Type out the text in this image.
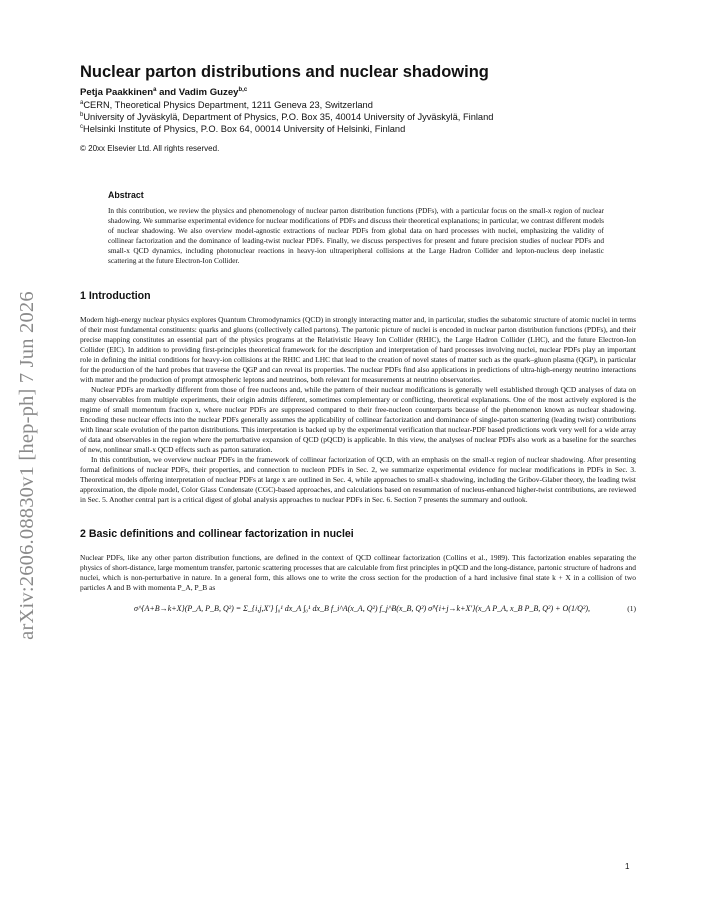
arXiv:2606.08830v1 [hep-ph] 7 Jun 2026
Nuclear parton distributions and nuclear shadowing
Petja Paakkinen$^a$ and Vadim Guzey$^{b,c}$
$^a$CERN, Theoretical Physics Department, 1211 Geneva 23, Switzerland
$^b$University of Jyväskylä, Department of Physics, P.O. Box 35, 40014 University of Jyväskylä, Finland
$^c$Helsinki Institute of Physics, P.O. Box 64, 00014 University of Helsinki, Finland
© 20xx Elsevier Ltd. All rights reserved.
Abstract

In this contribution, we review the physics and phenomenology of nuclear parton distribution functions (PDFs), with a particular focus on the small-x region of nuclear shadowing. We summarise experimental evidence for nuclear modifications of PDFs and discuss their theoretical explanations; in particular, we contrast different models of nuclear shadowing. We also overview model-agnostic extractions of nuclear PDFs from global data on hard processes with nuclei, emphasizing the validity of collinear factorization and the dominance of leading-twist nuclear PDFs. Finally, we discuss perspectives for present and future precision studies of nuclear PDFs and small-x QCD dynamics, including photonuclear reactions in heavy-ion ultraperipheral collisions at the Large Hadron Collider and lepton-nucleus deep inelastic scattering at the future Electron-Ion Collider.

1 Introduction

Modern high-energy nuclear physics explores Quantum Chromodynamics (QCD) in strongly interacting matter and, in particular, studies the subatomic structure of atomic nuclei in terms of their most fundamental constituents: quarks and gluons (collectively called partons). The partonic picture of nuclei is encoded in nuclear parton distribution functions (PDFs), and their precise mapping constitutes an essential part of the physics programs at the Relativistic Heavy Ion Collider (RHIC), the Large Hadron Collider (LHC), and the future Electron-Ion Collider (EIC). In addition to providing first-principles theoretical framework for the description and interpretation of hard processes involving nuclei, nuclear PDFs play an important role in defining the initial conditions for heavy-ion collisions at the RHIC and LHC that lead to the creation of novel states of matter such as the quark–gluon plasma (QGP), in particular for the production of the hard probes that traverse the QGP and can reveal its properties. The nuclear PDFs find also applications in predictions of ultra-high-energy neutrino interactions with matter and the production of prompt atmospheric leptons and neutrinos, both relevant for measurements at neutrino observatories.

Nuclear PDFs are markedly different from those of free nucleons and, while the pattern of their nuclear modifications is generally well established through QCD analyses of data on many observables from multiple experiments, their origin admits different, sometimes complementary or conflicting, theoretical explanations. One of the most actively explored is the regime of small momentum fraction x, where nuclear PDFs are suppressed compared to their free-nucleon counterparts because of the phenomenon known as nuclear shadowing. Encoding these nuclear effects into the nuclear PDFs generally assumes the applicability of collinear factorization and dominance of single-parton scattering (leading twist) contributions with linear scale evolution of the parton distributions. This interpretation is backed up by the experimental verification that nuclear-PDF based predictions work very well for a wide array of data and observables in the region where the perturbative expansion of QCD (pQCD) is applicable. In this view, the analyses of nuclear PDFs also work as a baseline for the searches of new, nonlinear small-x QCD effects such as parton saturation.

In this contribution, we overview nuclear PDFs in the framework of collinear factorization of QCD, with an emphasis on the small-x region of nuclear shadowing. After presenting formal definitions of nuclear PDFs, their properties, and connection to nucleon PDFs in Sec. 2, we summarize experimental evidence for nuclear modifications in PDFs in Sec. 3. Theoretical models offering interpretation of nuclear PDFs at large x are outlined in Sec. 4, while approaches to small-x shadowing, including the Gribov-Glaber theory, the leading twist approximation, the dipole model, Color Glass Condensate (CGC)-based approaches, and calculations based on resummation of nucleus-enhanced higher-twist contributions, are reviewed in Sec. 5. Another central part is a critical digest of global analysis approaches to nuclear PDFs in Sec. 6. Section 7 presents the summary and outlook.

2 Basic definitions and collinear factorization in nuclei

Nuclear PDFs, like any other parton distribution functions, are defined in the context of QCD collinear factorization (Collins et al., 1989). This factorization enables separating the physics of short-distance, large momentum transfer, partonic scattering processes that are calculable from first principles in pQCD and the long-distance, partonic structure of hadrons and nuclei, which is non-perturbative in nature. In a general form, this allows one to write the cross section for the production of a hard inclusive final state k + X in a collision of two particles A and B with momenta P_A, P_B as

σ^{A+B→k+X}(P_A, P_B, Q²) = Σ_{i,j,X′} ∫₀¹ dx_A ∫₀¹ dx_B f_i^A(x_A, Q²) f_j^B(x_B, Q²) σ̂^{i+j→k+X′}(x_A P_A, x_B P_B, Q²) + O(1/Q²),	(1)
1
